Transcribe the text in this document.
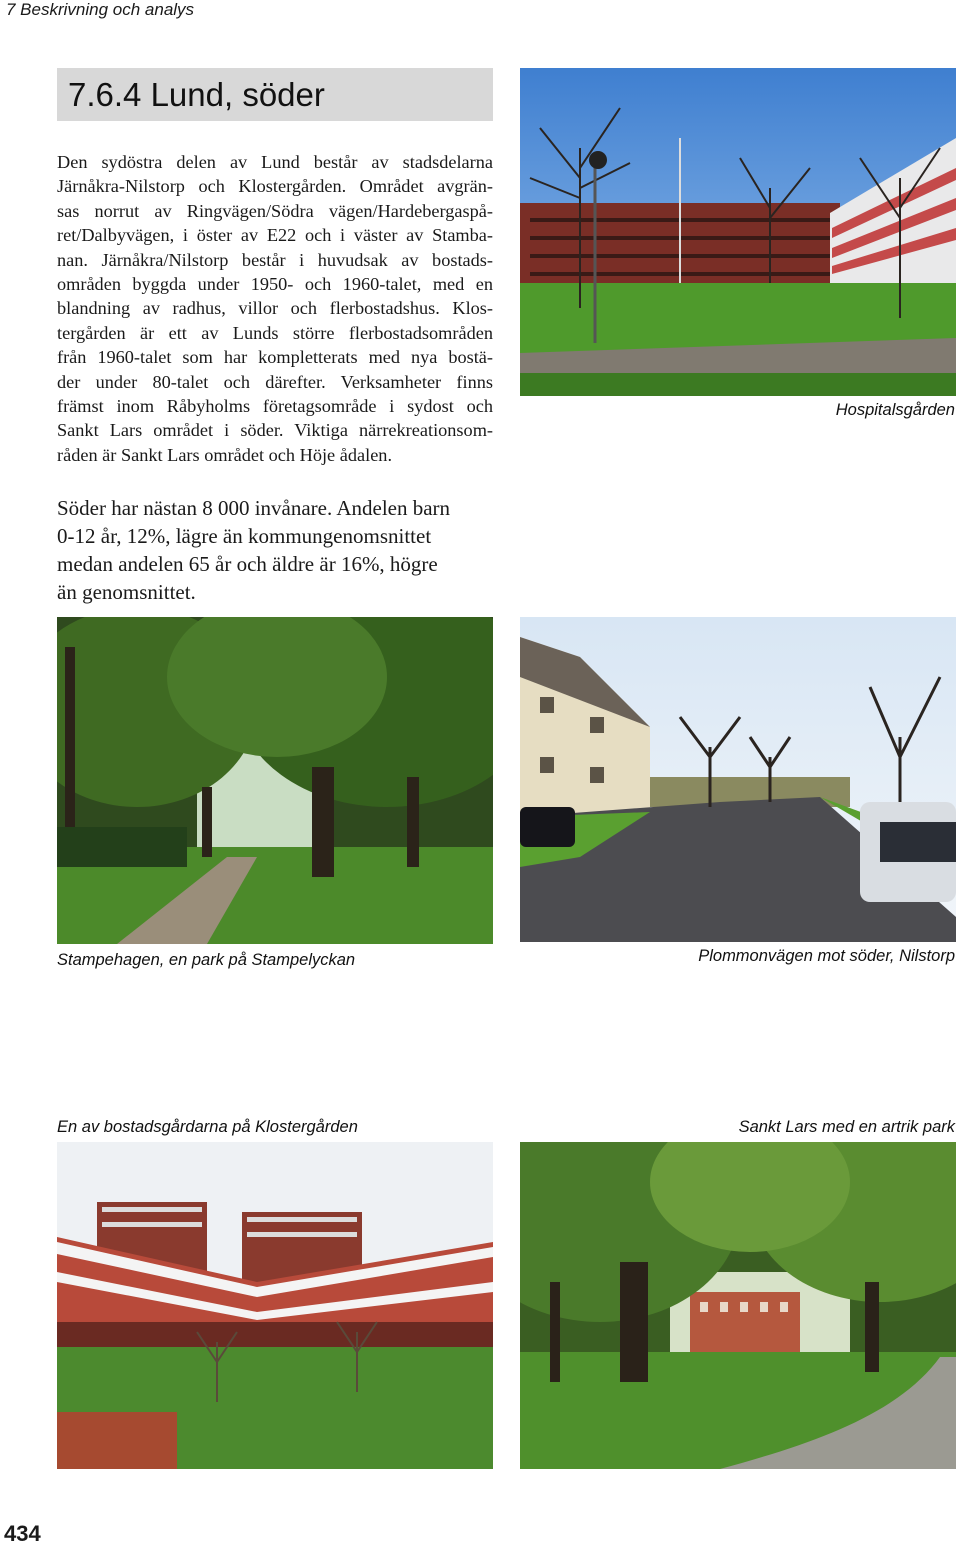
7 Beskrivning och analys
7.6.4 Lund, söder
Den sydöstra delen av Lund består av stadsdelarna
Järnåkra-Nilstorp och Klostergården. Området avgrän-
sas norrut av Ringvägen/Södra vägen/Hardebergaspå-
ret/Dalbyvägen, i öster av E22 och i väster av Stamba-
nan. Järnåkra/Nilstorp består i huvudsak av bostads-
områden byggda under 1950- och 1960-talet, med en
blandning av radhus, villor och flerbostadshus. Klos-
tergården är ett av Lunds större flerbostadsområden
från 1960-talet som har kompletterats med nya bostä-
der under 80-talet och därefter. Verksamheter finns
främst inom Råbyholms företagsområde i sydost och
Sankt Lars området i söder. Viktiga närrekreationsom-
råden är Sankt Lars området och Höje ådalen.
Söder har nästan 8 000 invånare. Andelen barn
0-12 år, 12%, lägre än kommungenomsnittet
medan andelen 65 år och äldre är 16%, högre
än genomsnittet.
Hospitalsgården
Stampehagen, en park på Stampelyckan	Plommonvägen mot söder, Nilstorp
En av bostadsgårdarna på Klostergården	Sankt Lars med en artrik park
434
